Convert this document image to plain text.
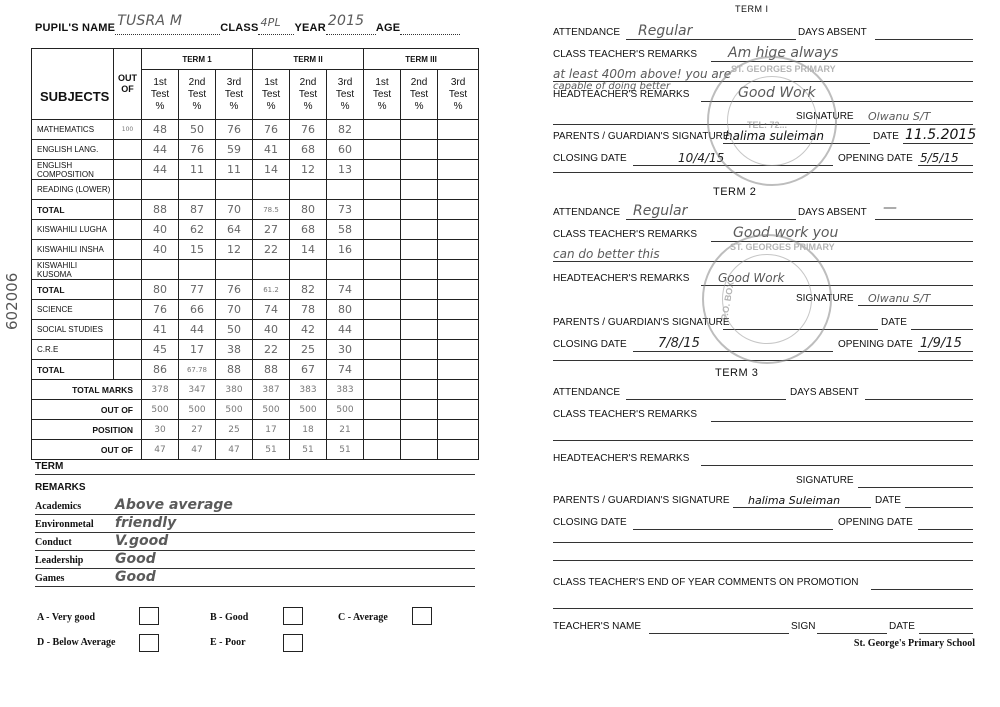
PUPIL'S NAME TUSRA M	CLASS 4PL YEAR 2015 AGE

SUBJECTS	OUT OF	TERM 1			TERM II			TERM III		
		1st
Test
%	2nd
Test
%	3rd
Test
%	1st
Test
%	2nd
Test
%	3rd
Test
%	1st
Test
%	2nd
Test
%	3rd
Test
%
MATHEMATICS	100	48	50	76	76	76	82			
ENGLISH LANG.		44	76	59	41	68	60			
ENGLISH COMPOSITION		44	11	11	14	12	13			
READING (LOWER)										
TOTAL		88	87	70	78.5	80	73			
KISWAHILI LUGHA		40	62	64	27	68	58			
KISWAHILI INSHA		40	15	12	22	14	16			
KISWAHILI KUSOMA										
TOTAL		80	77	76	61.2	82	74			
SCIENCE		76	66	70	74	78	80			
SOCIAL STUDIES		41	44	50	40	42	44			
C.R.E		45	17	38	22	25	30			
TOTAL		86	67.78	88	88	67	74			
TOTAL MARKS		378	347	380	387	383	383			
OUT OF		500	500	500	500	500	500			
POSITION		30	27	25	17	18	21			
OUT OF		47	47	47	51	51	51			
TERM
REMARKS
Academics Above average
Environmetal friendly
Conduct	V.good
Leadership Good
Games	Good
A - Very good	B - Good	C - Average
D - Below Average	E - Poor
602006
TERM I
ATTENDANCE Regular	DAYS ABSENT
CLASS TEACHER'S REMARKS Am hige always
at least 400m above! you are
capable of doing better
HEADTEACHER'S REMARKS	Good Work
SIGNATURE Olwanu S/T
PARENTS / GUARDIAN'S SIGNATURE
halima suleiman	DATE 11.5.2015
CLOSING DATE	10/4/15	OPENING DATE 5/5/15
TERM 2
ATTENDANCE Regular	DAYS ABSENT —
CLASS TEACHER'S REMARKS	Good work you
can do better this
HEADTEACHER'S REMARKS Good Work
SIGNATURE Olwanu S/T
PARENTS / GUARDIAN'S SIGNATURE	DATE
CLOSING DATE 7/8/15	OPENING DATE 1/9/15
TERM 3
ATTENDANCE	DAYS ABSENT
CLASS TEACHER'S REMARKS
HEADTEACHER'S REMARKS
SIGNATURE
PARENTS / GUARDIAN'S SIGNATURE halima Suleiman	DATE
CLOSING DATE	OPENING DATE
CLASS TEACHER'S END OF YEAR COMMENTS ON PROMOTION
TEACHER'S NAME	SIGN	DATE
St. George's Primary School
ST. GEORGES PRIMARY
TEL: 72...
ST. GEORGES PRIMARY
P.O. BOX
